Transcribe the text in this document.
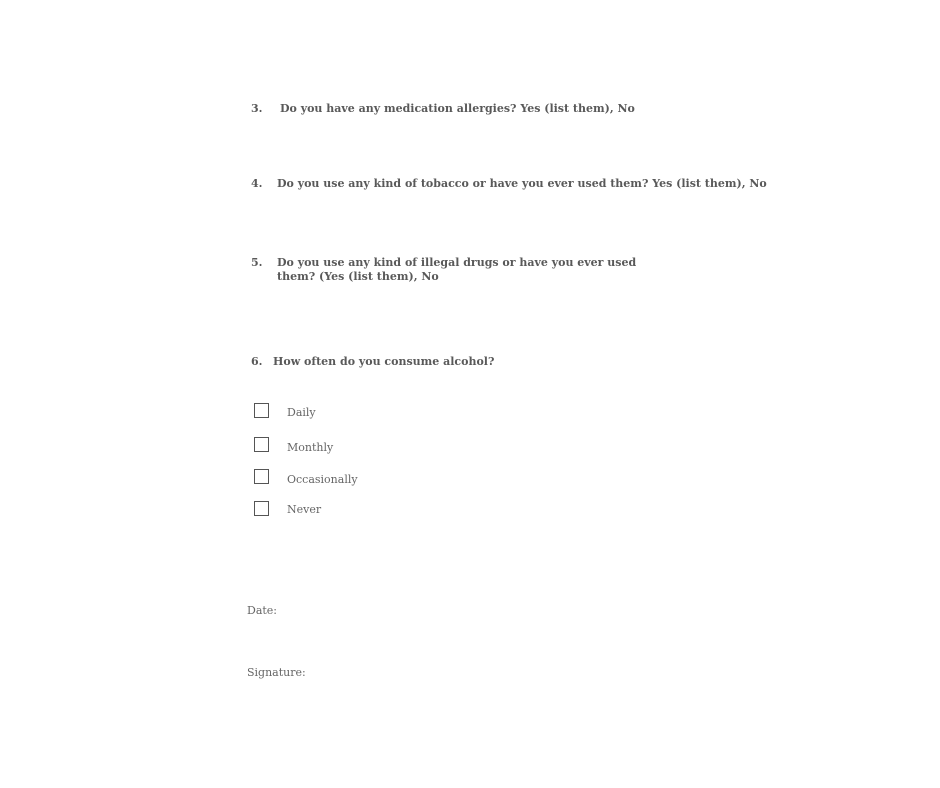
3. Do you have any medication allergies? Yes (list them), No
4. Do you use any kind of tobacco or have you ever used them? Yes (list them), No
5. Do you use any kind of illegal drugs or have you ever used them? (Yes (list them), No
6. How often do you consume alcohol?
Daily
Monthly
Occasionally
Never
Date:
Signature:
